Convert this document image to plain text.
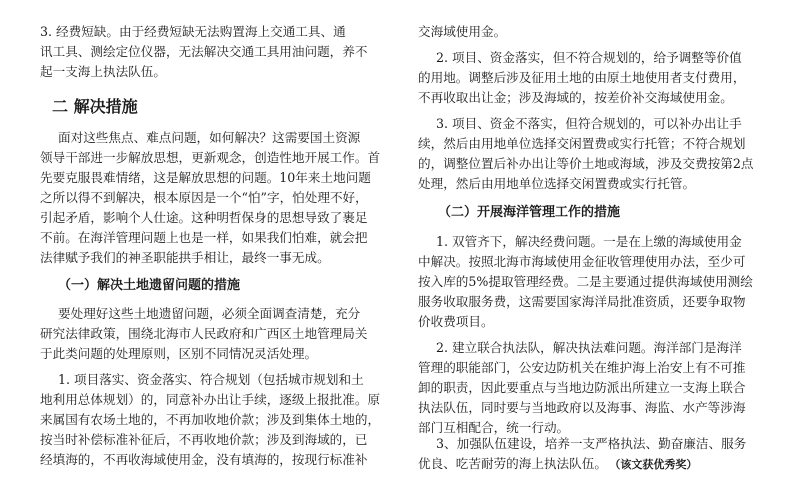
3. 经费短缺。由于经费短缺无法购置海上交通工具、通
讯工具、测绘定位仪器，无法解决交通工具用油问题，养不
起一支海上执法队伍。
二 解决措施
面对这些焦点、难点问题，如何解决？这需要国土资源
领导干部进一步解放思想，更新观念，创造性地开展工作。首
先要克服畏难情绪，这是解放思想的问题。10年来土地问题
之所以得不到解决，根本原因是一个“怕”字，怕处理不好，
引起矛盾，影响个人仕途。这种明哲保身的思想导致了裹足
不前。在海洋管理问题上也是一样，如果我们怕难，就会把
法律赋予我们的神圣职能拱手相让，最终一事无成。
（一）解决土地遗留问题的措施
要处理好这些土地遗留问题，必须全面调查清楚，充分
研究法律政策，围绕北海市人民政府和广西区土地管理局关
于此类问题的处理原则，区别不同情况灵活处理。
1. 项目落实、资金落实、符合规划（包括城市规划和土
地利用总体规划）的，同意补办出让手续，逐级上报批准。原
来属国有农场土地的，不再加收地价款；涉及到集体土地的，
按当时补偿标准补征后，不再收地价款；涉及到海域的，已
经填海的，不再收海域使用金，没有填海的，按现行标准补
交海域使用金。
2. 项目、资金落实，但不符合规划的，给予调整等价值
的用地。调整后涉及征用土地的由原土地使用者支付费用，
不再收取出让金；涉及海域的，按差价补交海域使用金。
3. 项目、资金不落实，但符合规划的，可以补办出让手
续，然后由用地单位选择交闲置费或实行托管；不符合规划
的，调整位置后补办出让等价土地或海域，涉及交费按第2点
处理，然后由用地单位选择交闲置费或实行托管。
（二）开展海洋管理工作的措施
1. 双管齐下，解决经费问题。一是在上缴的海域使用金
中解决。按照北海市海域使用金征收管理使用办法，至少可
按入库的5%提取管理经费。二是主要通过提供海域使用测绘
服务收取服务费，这需要国家海洋局批准资质，还要争取物
价收费项目。
2. 建立联合执法队，解决执法难问题。海洋部门是海洋
管理的职能部门，公安边防机关在维护海上治安上有不可推
卸的职责，因此要重点与当地边防派出所建立一支海上联合
执法队伍，同时要与当地政府以及海事、海监、水产等涉海
部门互相配合，统一行动。
3、加强队伍建设，培养一支严格执法、勤奋廉洁、服务
优良、吃苦耐劳的海上执法队伍。 （该文获优秀奖）
